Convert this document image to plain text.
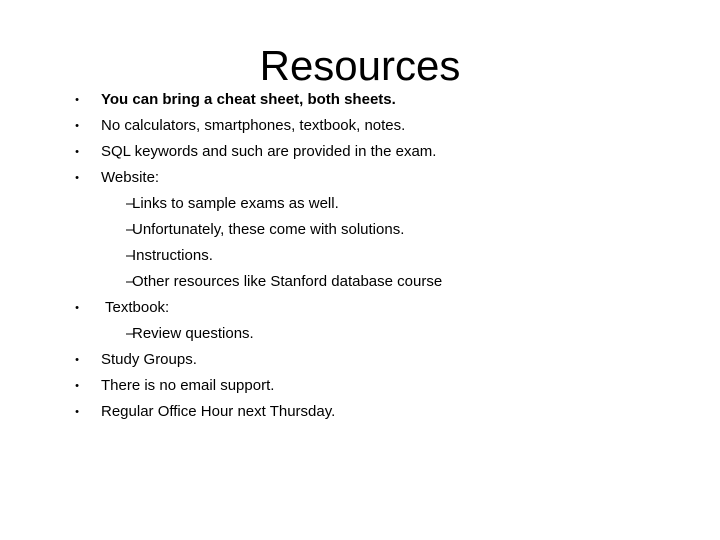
Resources
• You can bring a cheat sheet, both sheets.
• No calculators, smartphones, textbook, notes.
• SQL keywords and such are provided in the exam.
• Website:
–
Links to sample exams as well.
–
Unfortunately, these come with solutions.
–
Instructions.
–
Other resources like Stanford database course
• Textbook:
–
Review questions.
• Study Groups.
• There is no email support.
• Regular Office Hour next Thursday.
